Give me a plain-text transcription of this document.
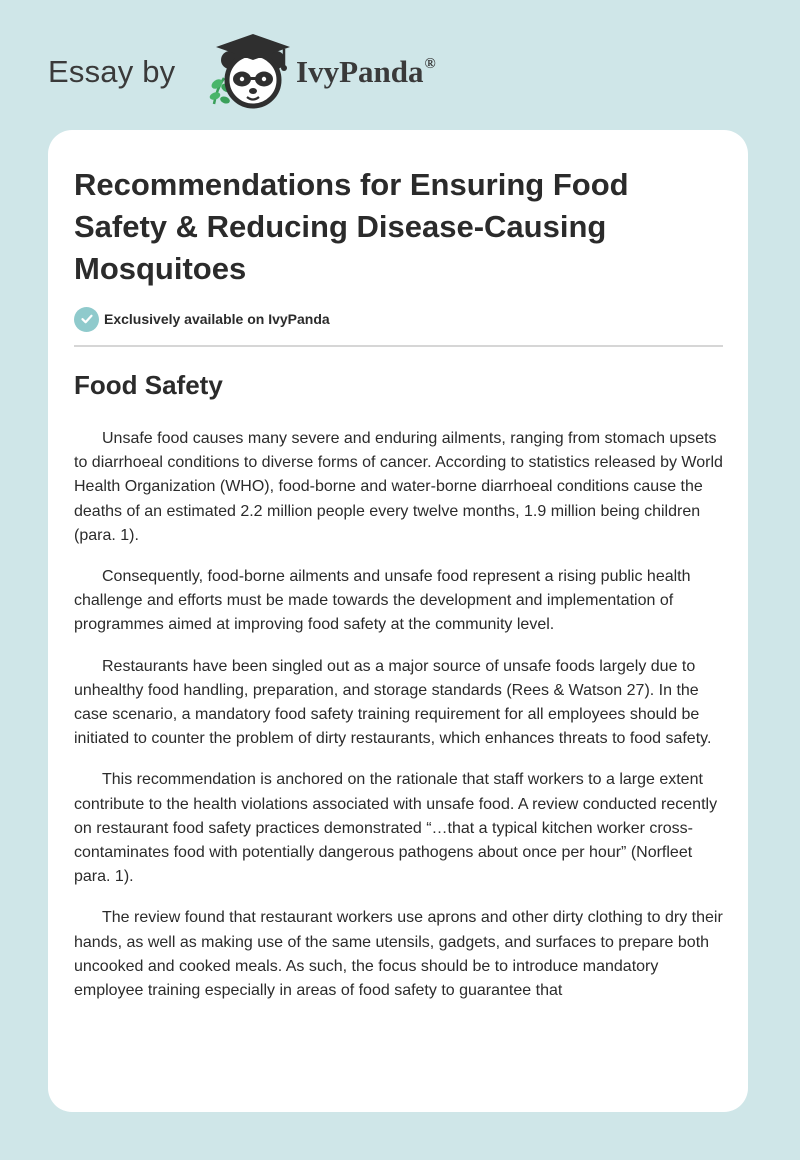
Essay by	IvyPanda®
Recommendations for Ensuring Food Safety & Reducing Disease-Causing Mosquitoes
Exclusively available on IvyPanda
Food Safety

Unsafe food causes many severe and enduring ailments, ranging from stomach upsets to diarrhoeal conditions to diverse forms of cancer. According to statistics released by World Health Organization (WHO), food-borne and water-borne diarrhoeal conditions cause the deaths of an estimated 2.2 million people every twelve months, 1.9 million being children (para. 1).

Consequently, food-borne ailments and unsafe food represent a rising public health challenge and efforts must be made towards the development and implementation of programmes aimed at improving food safety at the community level.

Restaurants have been singled out as a major source of unsafe foods largely due to unhealthy food handling, preparation, and storage standards (Rees & Watson 27). In the case scenario, a mandatory food safety training requirement for all employees should be initiated to counter the problem of dirty restaurants, which enhances threats to food safety.

This recommendation is anchored on the rationale that staff workers to a large extent contribute to the health violations associated with unsafe food. A review conducted recently on restaurant food safety practices demonstrated “…that a typical kitchen worker cross-contaminates food with potentially dangerous pathogens about once per hour” (Norfleet para. 1).

The review found that restaurant workers use aprons and other dirty clothing to dry their hands, as well as making use of the same utensils, gadgets, and surfaces to prepare both uncooked and cooked meals. As such, the focus should be to introduce mandatory employee training especially in areas of food safety to guarantee that
